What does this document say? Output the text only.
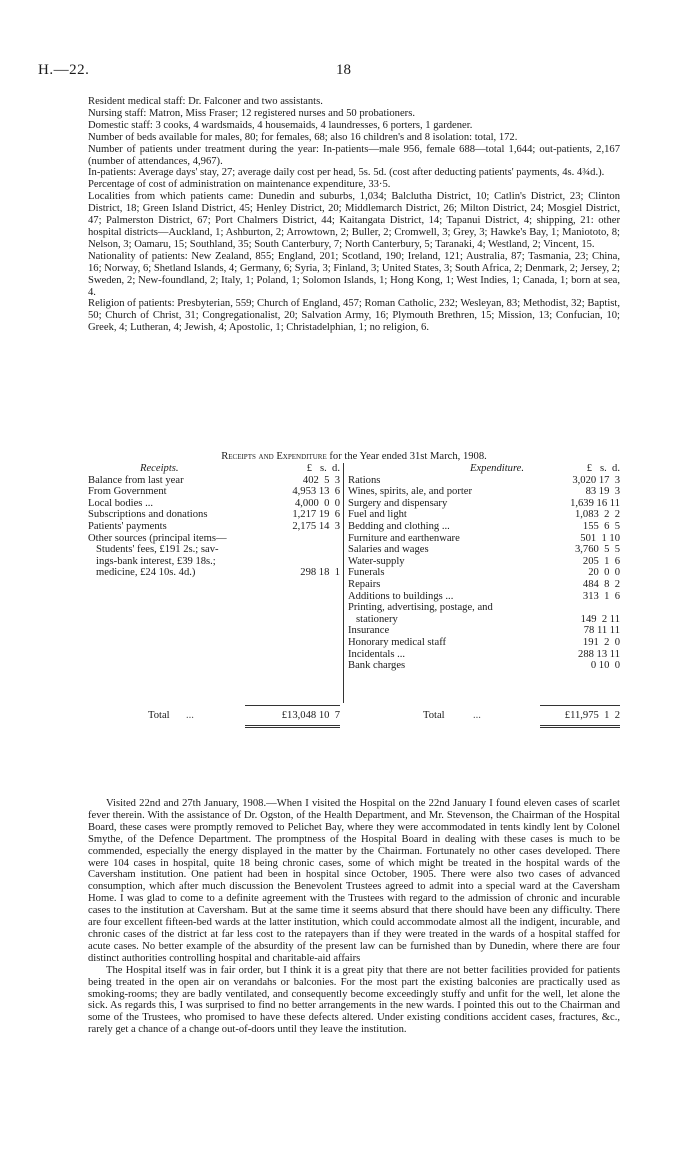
H.—22.	18

Resident medical staff: Dr. Falconer and two assistants.

Nursing staff: Matron, Miss Fraser; 12 registered nurses and 50 probationers.

Domestic staff: 3 cooks, 4 wardsmaids, 4 housemaids, 4 laundresses, 6 porters, 1 gardener.

Number of beds available for males, 80; for females, 68; also 16 children's and 8 isolation: total, 172.

Number of patients under treatment during the year: In-patients—male 956, female 688—total 1,644; out-patients, 2,167 (number of attendances, 4,967).

In-patients: Average days' stay, 27; average daily cost per head, 5s. 5d. (cost after deducting patients' payments, 4s. 4¾d.).

Percentage of cost of administration on maintenance expenditure, 33·5.

Localities from which patients came: Dunedin and suburbs, 1,034; Balclutha District, 10; Catlin's District, 23; Clinton District, 18; Green Island District, 45; Henley District, 20; Middlemarch District, 26; Milton District, 24; Mosgiel District, 47; Palmerston District, 67; Port Chalmers District, 44; Kaitangata District, 14; Tapanui District, 4; shipping, 21: other hospital districts—Auckland, 1; Ashburton, 2; Arrowtown, 2; Buller, 2; Cromwell, 3; Grey, 3; Hawke's Bay, 1; Maniototo, 8; Nelson, 3; Oamaru, 15; Southland, 35; South Canterbury, 7; North Canterbury, 5; Taranaki, 4; Westland, 2; Vincent, 15.

Nationality of patients: New Zealand, 855; England, 201; Scotland, 190; Ireland, 121; Australia, 87; Tasmania, 23; China, 16; Norway, 6; Shetland Islands, 4; Germany, 6; Syria, 3; Finland, 3; United States, 3; South Africa, 2; Denmark, 2; Jersey, 2; Sweden, 2; New-foundland, 2; Italy, 1; Poland, 1; Solomon Islands, 1; Hong Kong, 1; West Indies, 1; Canada, 1; born at sea, 4.

Religion of patients: Presbyterian, 559; Church of England, 457; Roman Catholic, 232; Wesleyan, 83; Methodist, 32; Baptist, 50; Church of Christ, 31; Congregationalist, 20; Salvation Army, 16; Plymouth Brethren, 15; Mission, 13; Confucian, 10; Greek, 4; Lutheran, 4; Jewish, 4; Apostolic, 1; Christadelphian, 1; no religion, 6.

Receipts and Expenditure for the Year ended 31st March, 1908.
Receipts.	£   s.  d.
Balance from last year	402  5  3
From Government	4,953 13  6
Local bodies ...	4,000  0  0
Subscriptions and donations	1,217 19  6
Patients' payments	2,175 14  3
Other sources (principal items—
Students' fees, £191 2s.; sav-
ings-bank interest, £39 18s.;
medicine, £24 10s. 4d.)	298 18  1
Expenditure.	£   s.  d.
Rations	3,020 17  3
Wines, spirits, ale, and porter	83 19  3
Surgery and dispensary	1,639 16 11
Fuel and light	1,083  2  2
Bedding and clothing ...	155  6  5
Furniture and earthenware	501  1 10
Salaries and wages	3,760  5  5
Water-supply	205  1  6
Funerals	20  0  0
Repairs	484  8  2
Additions to buildings ...	313  1  6
Printing, advertising, postage, and
stationery	149  2 11
Insurance	78 11 11
Honorary medical staff	191  2  0
Incidentals ...	288 13 11
Bank charges	0 10  0
Total ...	£13,048 10  7	Total	...	£11,975  1  2

Visited 22nd and 27th January, 1908.—When I visited the Hospital on the 22nd January I found eleven cases of scarlet fever therein. With the assistance of Dr. Ogston, of the Health Department, and Mr. Stevenson, the Chairman of the Hospital Board, these cases were promptly removed to Pelichet Bay, where they were accommodated in tents kindly lent by Colonel Smythe, of the Defence Department. The promptness of the Hospital Board in dealing with these cases is much to be commended, especially the energy displayed in the matter by the Chairman. Fortunately no other cases developed. There were 104 cases in hospital, quite 18 being chronic cases, some of which might be treated in the hospital wards of the Caversham institution. One patient had been in hospital since October, 1905. There were also two cases of advanced consumption, which after much discussion the Benevolent Trustees agreed to admit into a special ward at the Caversham Home. I was glad to come to a definite agreement with the Trustees with regard to the admission of chronic and incurable cases to the institution at Caversham. But at the same time it seems absurd that there should have been any difficulty. There are four excellent fifteen-bed wards at the latter institution, which could accommodate almost all the indigent, incurable, and chronic cases of the district at far less cost to the ratepayers than if they were treated in the wards of a hospital staffed for acute cases. No better example of the absurdity of the present law can be furnished than by Dunedin, where there are four distinct authorities controlling hospital and charitable-aid affairs

The Hospital itself was in fair order, but I think it is a great pity that there are not better facilities provided for patients being treated in the open air on verandahs or balconies. For the most part the existing balconies are practically used as smoking-rooms; they are badly ventilated, and consequently become exceedingly stuffy and unfit for the well, let alone the sick. As regards this, I was surprised to find no better arrangements in the new wards. I pointed this out to the Chairman and some of the Trustees, who promised to have these defects altered. Under existing conditions accident cases, fractures, &c., rarely get a chance of a change out-of-doors until they leave the institution.
